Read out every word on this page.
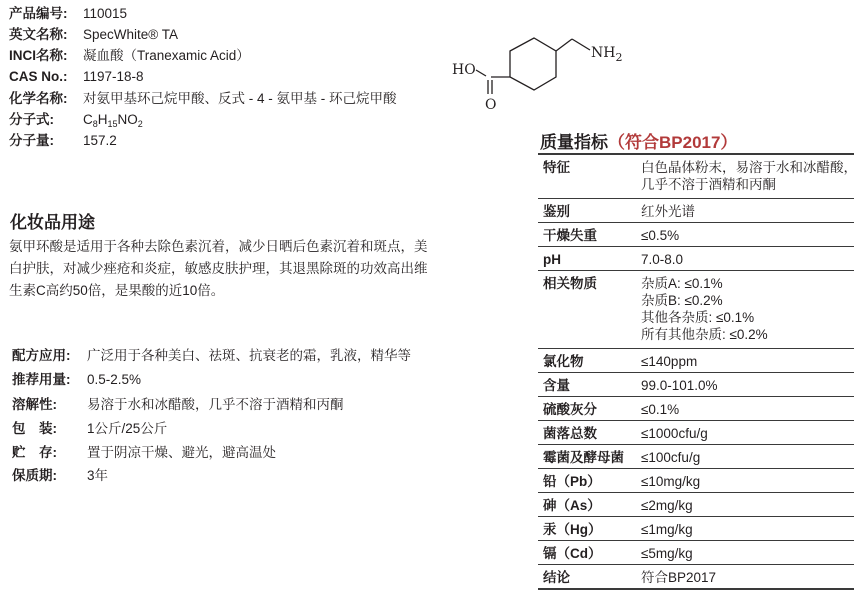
产品编号: 110015
英文名称: SpecWhite® TA
INCI名称: 凝血酸（Tranexamic Acid）
CAS No.: 1197-18-8
化学名称: 对氨甲基环己烷甲酸、反式 - 4 - 氨甲基 - 环己烷甲酸
分子式: $C_8H_{15}NO_2$
分子量: 157.2
HO
$NH_2$
O
化妆品用途
氨甲环酸是适用于各种去除色素沉着，减少日晒后色素沉着和斑点，美白护肤，对减少痤疮和炎症，敏感皮肤护理，其退黑除斑的功效高出维生素C高约50倍，是果酸的近10倍。
配方应用: 广泛用于各种美白、祛斑、抗衰老的霜，乳液，精华等
推荐用量: 0.5-2.5%
溶解性: 易溶于水和冰醋酸，几乎不溶于酒精和丙酮
包　装: 1公斤/25公斤
贮　存: 置于阴凉干燥、避光，避高温处
保质期: 3年
质量指标（符合BP2017）
特征	白色晶体粉末，易溶于水和冰醋酸，
几乎不溶于酒精和丙酮
鉴别	红外光谱
干燥失重	≤0.5%
pH	7.0-8.0
相关物质	杂质A: ≤0.1%
杂质B: ≤0.2%
其他各杂质: ≤0.1%
所有其他杂质: ≤0.2%
氯化物	≤140ppm
含量	99.0-101.0%
硫酸灰分	≤0.1%
菌落总数	≤1000cfu/g
霉菌及酵母菌 ≤100cfu/g
铅（Pb）	≤10mg/kg
砷（As）	≤2mg/kg
汞（Hg）	≤1mg/kg
镉（Cd）	≤5mg/kg
结论	符合BP2017
